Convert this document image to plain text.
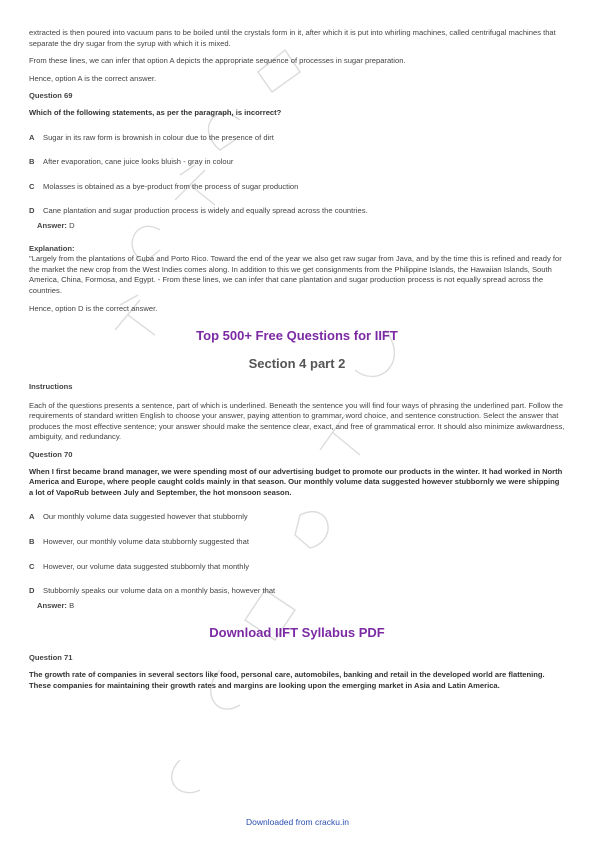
extracted is then poured into vacuum pans to be boiled until the crystals form in it, after which it is put into whirling machines, called centrifugal machines that separate the dry sugar from the syrup with which it is mixed.

From these lines, we can infer that option A depicts the appropriate sequence of processes in sugar preparation.

Hence, option A is the correct answer.

Question 69

Which of the following statements, as per the paragraph, is incorrect?

A	Sugar in its raw form is brownish in colour due to the presence of dirt
B	After evaporation, cane juice looks bluish - gray in colour
C	Molasses is obtained as a bye-product from the process of sugar production
D	Cane plantation and sugar production process is widely and equally spread across the countries.

Answer: D

Explanation:

"Largely from the plantations of Cuba and Porto Rico. Toward the end of the year we also get raw sugar from Java, and by the time this is refined and ready for the market the new crop from the West Indies comes along. In addition to this we get consignments from the Philippine Islands, the Hawaiian Islands, South America, China, Formosa, and Egypt. - From these lines, we can infer that cane plantation and sugar production process is not equally spread across the countries.

Hence, option D is the correct answer.

Top 500+ Free Questions for IIFT

Section 4 part 2

Instructions

Each of the questions presents a sentence, part of which is underlined. Beneath the sentence you will find four ways of phrasing the underlined part. Follow the requirements of standard written English to choose your answer, paying attention to grammar, word choice, and sentence construction. Select the answer that produces the most effective sentence; your answer should make the sentence clear, exact, and free of grammatical error. It should also minimize awkwardness, ambiguity, and redundancy.

Question 70

When I first became brand manager, we were spending most of our advertising budget to promote our products in the winter. It had worked in North America and Europe, where people caught colds mainly in that season. Our monthly volume data suggested however stubbornly we were shipping a lot of VapoRub between July and September, the hot monsoon season.

A	Our monthly volume data suggested however that stubbornly
B	However, our monthly volume data stubbornly suggested that
C	However, our volume data suggested stubbornly that monthly
D	Stubbornly speaks our volume data on a monthly basis, however that

Answer: B

Download IIFT Syllabus PDF

Question 71

The growth rate of companies in several sectors like food, personal care, automobiles, banking and retail in the developed world are flattening. These companies for maintaining their growth rates and margins are looking upon the emerging market in Asia and Latin America.

Downloaded from cracku.in
